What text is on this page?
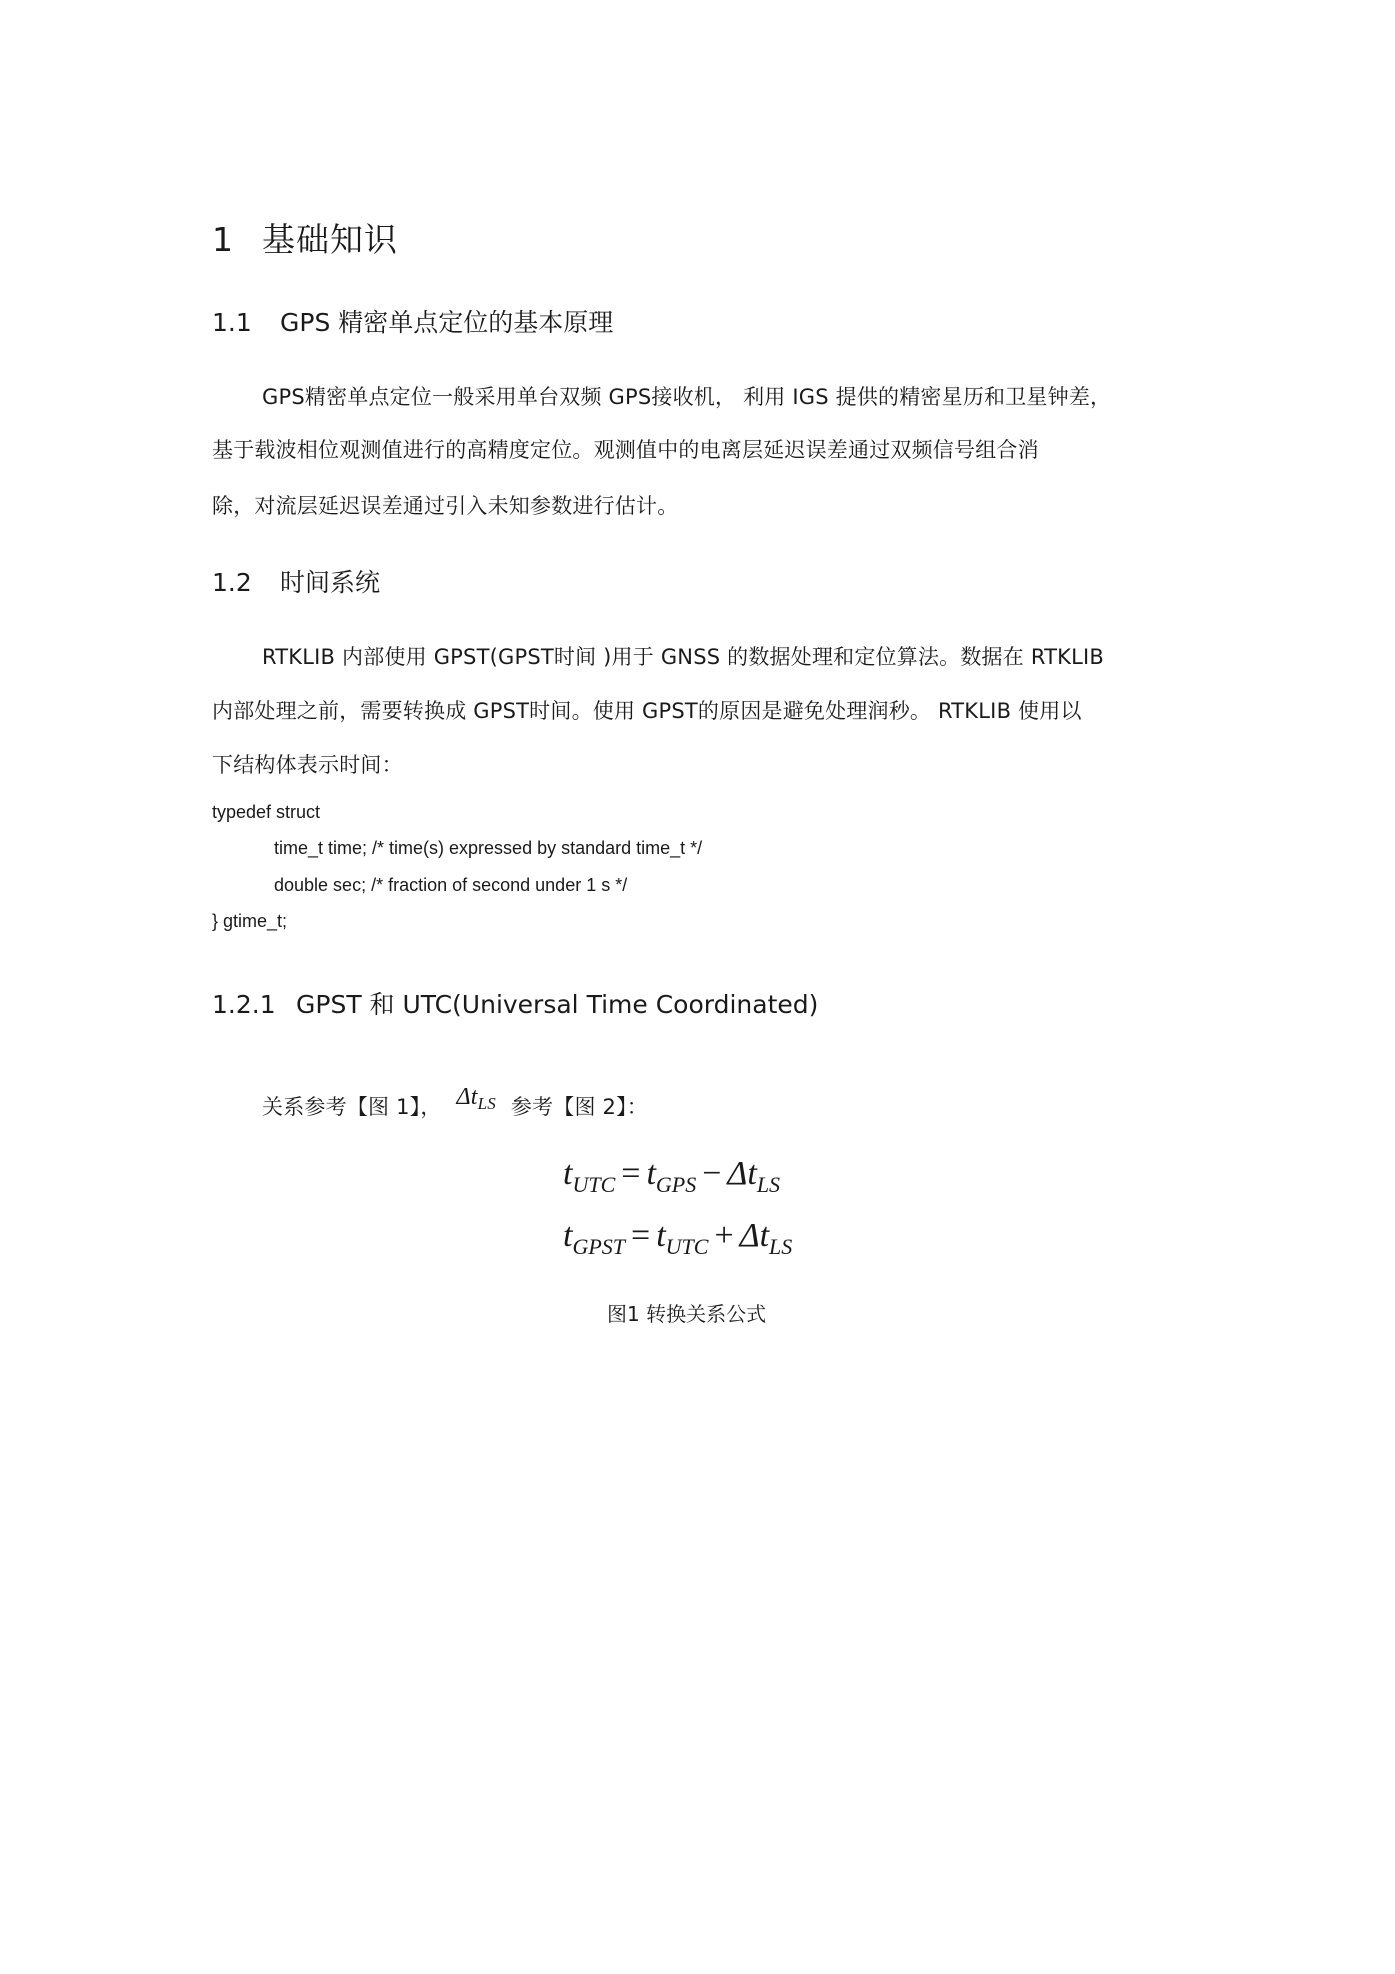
1 基础知识
1.1 GPS 精密单点定位的基本原理
GPS精密单点定位一般采用单台双频 GPS接收机， 利用 IGS 提供的精密星历和卫星钟差，
基于载波相位观测值进行的高精度定位。观测值中的电离层延迟误差通过双频信号组合消
除，对流层延迟误差通过引入未知参数进行估计。
1.2 时间系统
RTKLIB 内部使用 GPST(GPST时间 )用于 GNSS 的数据处理和定位算法。数据在 RTKLIB
内部处理之前，需要转换成 GPST时间。使用 GPST的原因是避免处理润秒。 RTKLIB 使用以
下结构体表示时间：
typedef struct
time_t time; /* time(s) expressed by standard time_t */
double sec; /* fraction of second under 1 s */
} gtime_t;
1.2.1 GPST 和 UTC(Universal Time Coordinated)
关系参考【图 1】， $\Delta t_{LS}$ 参考【图 2】：
$t_{UTC} = t_{GPS} - \Delta t_{LS}$
$t_{GPST} = t_{UTC} + \Delta t_{LS}$
图1 转换关系公式
